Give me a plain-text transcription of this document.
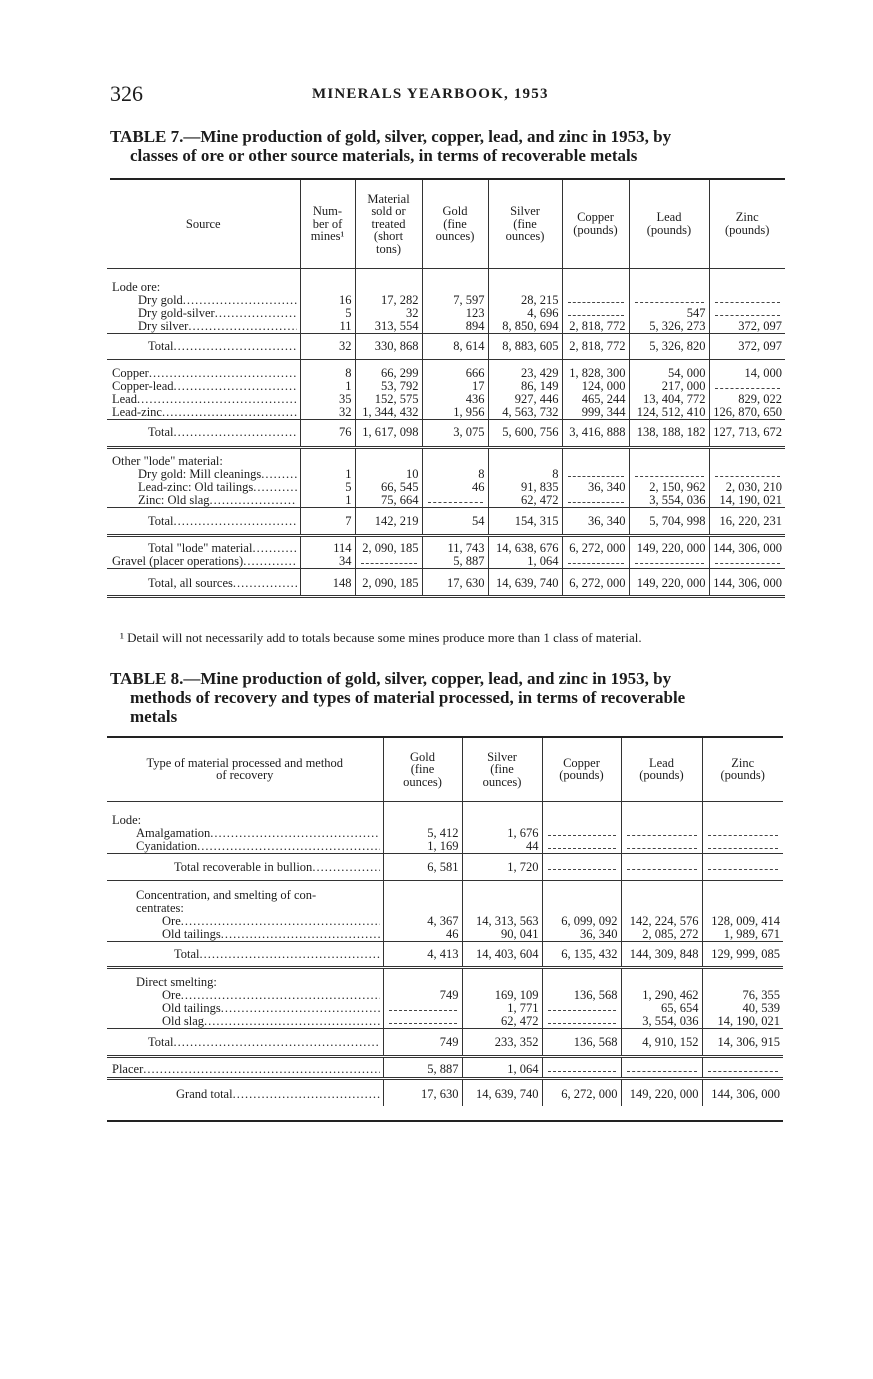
326	MINERALS YEARBOOK, 1953
TABLE 7.—Mine production of gold, silver, copper, lead, and zinc in 1953, by
classes of ore or other source materials, in terms of recoverable metals
Source	Num-
ber of
mines¹	Material
sold or
treated
(short
tons)	Gold
(fine
ounces)	Silver
(fine
ounces)	Copper
(pounds)	Lead
(pounds)	Zinc
(pounds)

Lode ore:							

Dry gold .....	16	17, 282	7, 597	28, 215	

Dry gold-silver .....	5	32	123	4, 696		547	

Dry silver .....	11	313, 554	894	8, 850, 694	2, 818, 772	5, 326, 273	372, 097

Total .....	32	330, 868	8, 614	8, 883, 605	2, 818, 772	5, 326, 820	372, 097

Copper .....	8	66, 299	666	23, 429	1, 828, 300	54, 000	14, 000

Copper-lead .....	1	53, 792	17	86, 149	124, 000	217, 000	

Lead .....	35	152, 575	436	927, 446	465, 244	13, 404, 772	829, 022

Lead-zinc .....	32	1, 344, 432	1, 956	4, 563, 732	999, 344	124, 512, 410	126, 870, 650

Total .....	76	1, 617, 098	3, 075	5, 600, 756	3, 416, 888	138, 188, 182	127, 713, 672

Other "lode" material:							

Dry gold: Mill cleanings .....	1	10	8	8	

Lead-zinc: Old tailings .....	5	66, 545	46	91, 835	36, 340	2, 150, 962	2, 030, 210

Zinc: Old slag .....	1	75, 664		62, 472		3, 554, 036	14, 190, 021

Total .....	7	142, 219	54	154, 315	36, 340	5, 704, 998	16, 220, 231

Total "lode" material .....	114	2, 090, 185	11, 743	14, 638, 676	6, 272, 000	149, 220, 000	144, 306, 000

Gravel (placer operations) .....	34		5, 887	1, 064	

Total, all sources .....	148	2, 090, 185	17, 630	14, 639, 740	6, 272, 000	149, 220, 000	144, 306, 000
¹ Detail will not necessarily add to totals because some mines produce more than 1 class of material.
TABLE 8.—Mine production of gold, silver, copper, lead, and zinc in 1953, by
methods of recovery and types of material processed, in terms of recoverable
metals
Type of material processed and method
of recovery	Gold
(fine
ounces)	Silver
(fine
ounces)	Copper
(pounds)	Lead
(pounds)	Zinc
(pounds)

Lode:					

Amalgamation .....	5, 412	1, 676	

Cyanidation .....	1, 169	44	

Total recoverable in bullion .....	6, 581	1, 720	

Concentration, and smelting of con-					

centrates:					

Ore .....	4, 367	14, 313, 563	6, 099, 092	142, 224, 576	128, 009, 414

Old tailings .....	46	90, 041	36, 340	2, 085, 272	1, 989, 671

Total .....	4, 413	14, 403, 604	6, 135, 432	144, 309, 848	129, 999, 085

Direct smelting:					

Ore .....	749	169, 109	136, 568	1, 290, 462	76, 355

Old tailings .....		1, 771		65, 654	40, 539

Old slag .....		62, 472		3, 554, 036	14, 190, 021

Total .....	749	233, 352	136, 568	4, 910, 152	14, 306, 915

Placer .....	5, 887	1, 064	

Grand total .....	17, 630	14, 639, 740	6, 272, 000	149, 220, 000	144, 306, 000
